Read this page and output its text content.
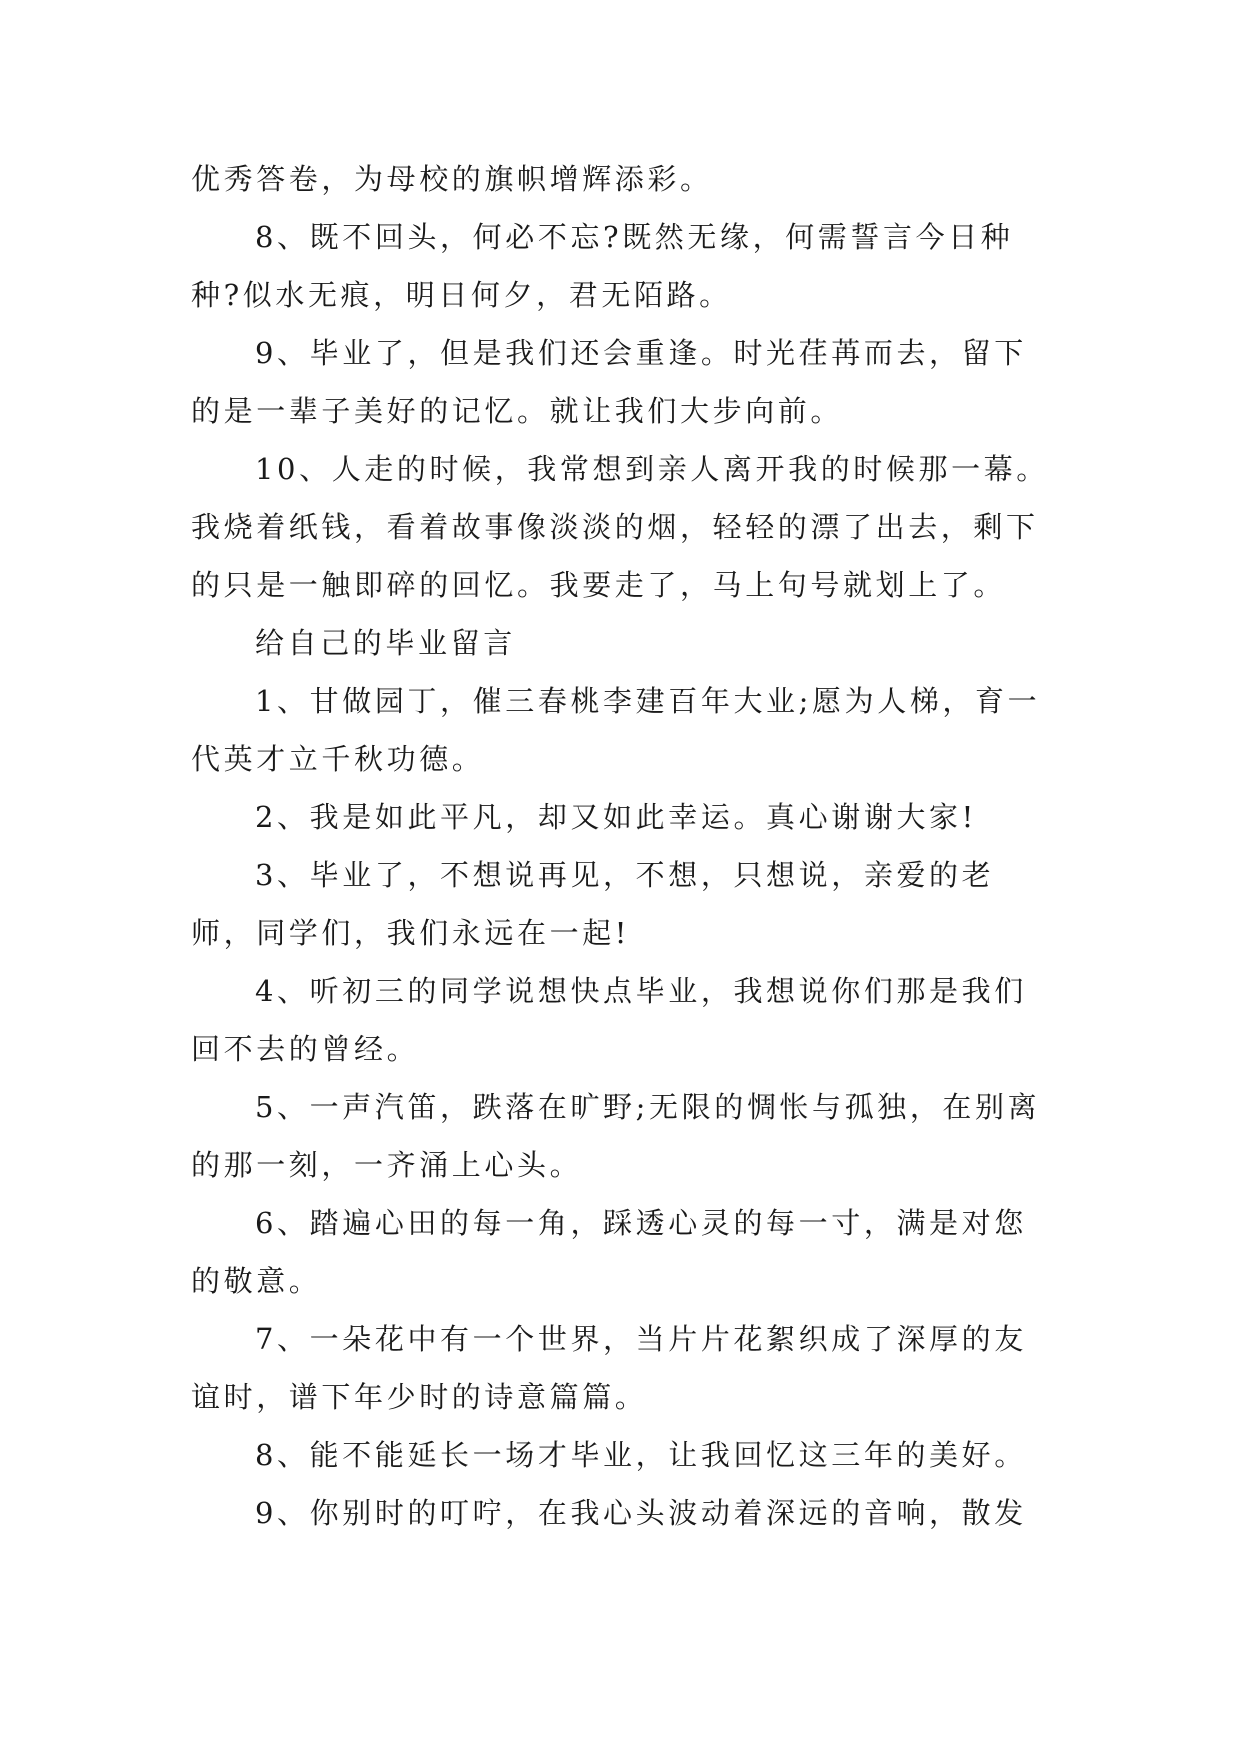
优秀答卷，为母校的旗帜增辉添彩。

8、既不回头，何必不忘?既然无缘，何需誓言今日种种?似水无痕，明日何夕，君无陌路。

9、毕业了，但是我们还会重逢。时光荏苒而去，留下的是一辈子美好的记忆。就让我们大步向前。

10、人走的时候，我常想到亲人离开我的时候那一幕。我烧着纸钱，看着故事像淡淡的烟，轻轻的漂了出去，剩下的只是一触即碎的回忆。我要走了，马上句号就划上了。

给自己的毕业留言

1、甘做园丁，催三春桃李建百年大业;愿为人梯，育一代英才立千秋功德。

2、我是如此平凡，却又如此幸运。真心谢谢大家!

3、毕业了，不想说再见，不想，只想说，亲爱的老师，同学们，我们永远在一起!

4、听初三的同学说想快点毕业，我想说你们那是我们回不去的曾经。

5、一声汽笛，跌落在旷野;无限的惆怅与孤独，在别离的那一刻，一齐涌上心头。

6、踏遍心田的每一角，踩透心灵的每一寸，满是对您的敬意。

7、一朵花中有一个世界，当片片花絮织成了深厚的友谊时，谱下年少时的诗意篇篇。

8、能不能延长一场才毕业，让我回忆这三年的美好。

9、你别时的叮咛，在我心头波动着深远的音响，散发
